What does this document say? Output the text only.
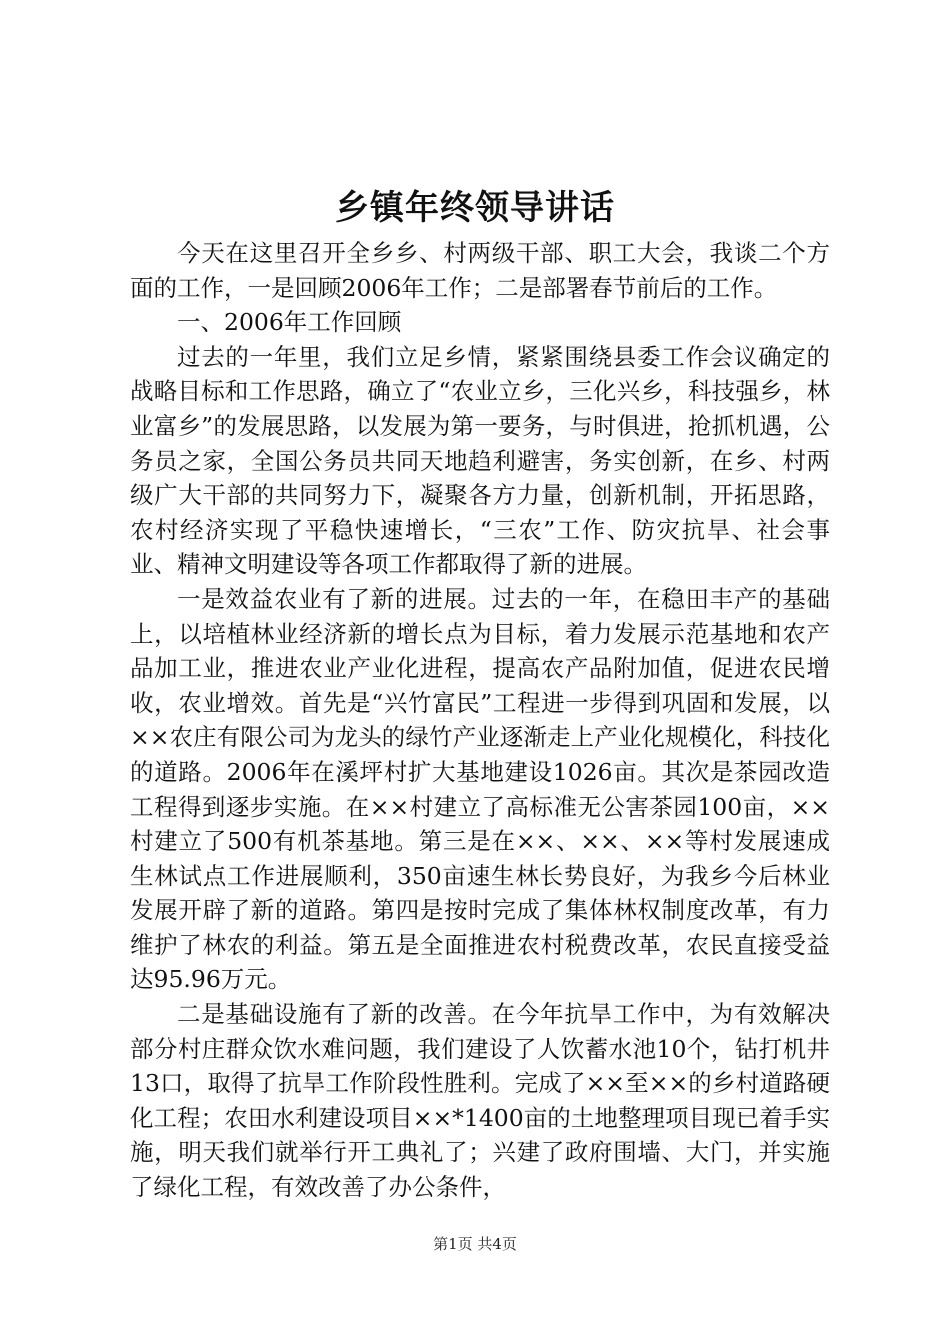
乡镇年终领导讲话

今天在这里召开全乡乡、村两级干部、职工大会，我谈二个方面的工作，一是回顾2006年工作；二是部署春节前后的工作。

一、2006年工作回顾

过去的一年里，我们立足乡情，紧紧围绕县委工作会议确定的战略目标和工作思路，确立了“农业立乡，三化兴乡，科技强乡，林业富乡”的发展思路，以发展为第一要务，与时俱进，抢抓机遇，公务员之家，全国公务员共同天地趋利避害，务实创新，在乡、村两级广大干部的共同努力下，凝聚各方力量，创新机制，开拓思路，农村经济实现了平稳快速增长，“三农”工作、防灾抗旱、社会事业、精神文明建设等各项工作都取得了新的进展。

一是效益农业有了新的进展。过去的一年，在稳田丰产的基础上，以培植林业经济新的增长点为目标，着力发展示范基地和农产品加工业，推进农业产业化进程，提高农产品附加值，促进农民增收，农业增效。首先是“兴竹富民”工程进一步得到巩固和发展，以××农庄有限公司为龙头的绿竹产业逐渐走上产业化规模化，科技化的道路。2006年在溪坪村扩大基地建设1026亩。其次是茶园改造工程得到逐步实施。在××村建立了高标准无公害茶园100亩，××村建立了500有机茶基地。第三是在××、××、××等村发展速成生林试点工作进展顺利，350亩速生林长势良好，为我乡今后林业发展开辟了新的道路。第四是按时完成了集体林权制度改革，有力维护了林农的利益。第五是全面推进农村税费改革，农民直接受益达95.96万元。

二是基础设施有了新的改善。在今年抗旱工作中，为有效解决部分村庄群众饮水难问题，我们建设了人饮蓄水池10个，钻打机井13口，取得了抗旱工作阶段性胜利。完成了××至××的乡村道路硬化工程；农田水利建设项目××*1400亩的土地整理项目现已着手实施，明天我们就举行开工典礼了；兴建了政府围墙、大门，并实施了绿化工程，有效改善了办公条件，

第1页 共4页
